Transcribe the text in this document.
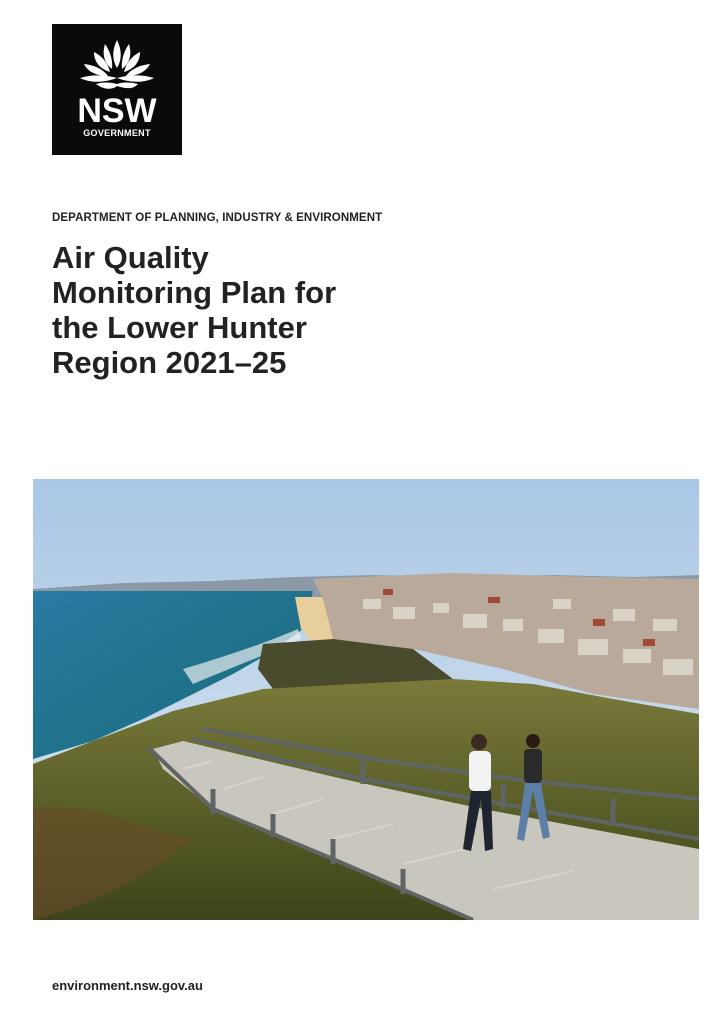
NSW
GOVERNMENT
DEPARTMENT OF PLANNING, INDUSTRY & ENVIRONMENT
Air Quality
Monitoring Plan for
the Lower Hunter
Region 2021–25
environment.nsw.gov.au
